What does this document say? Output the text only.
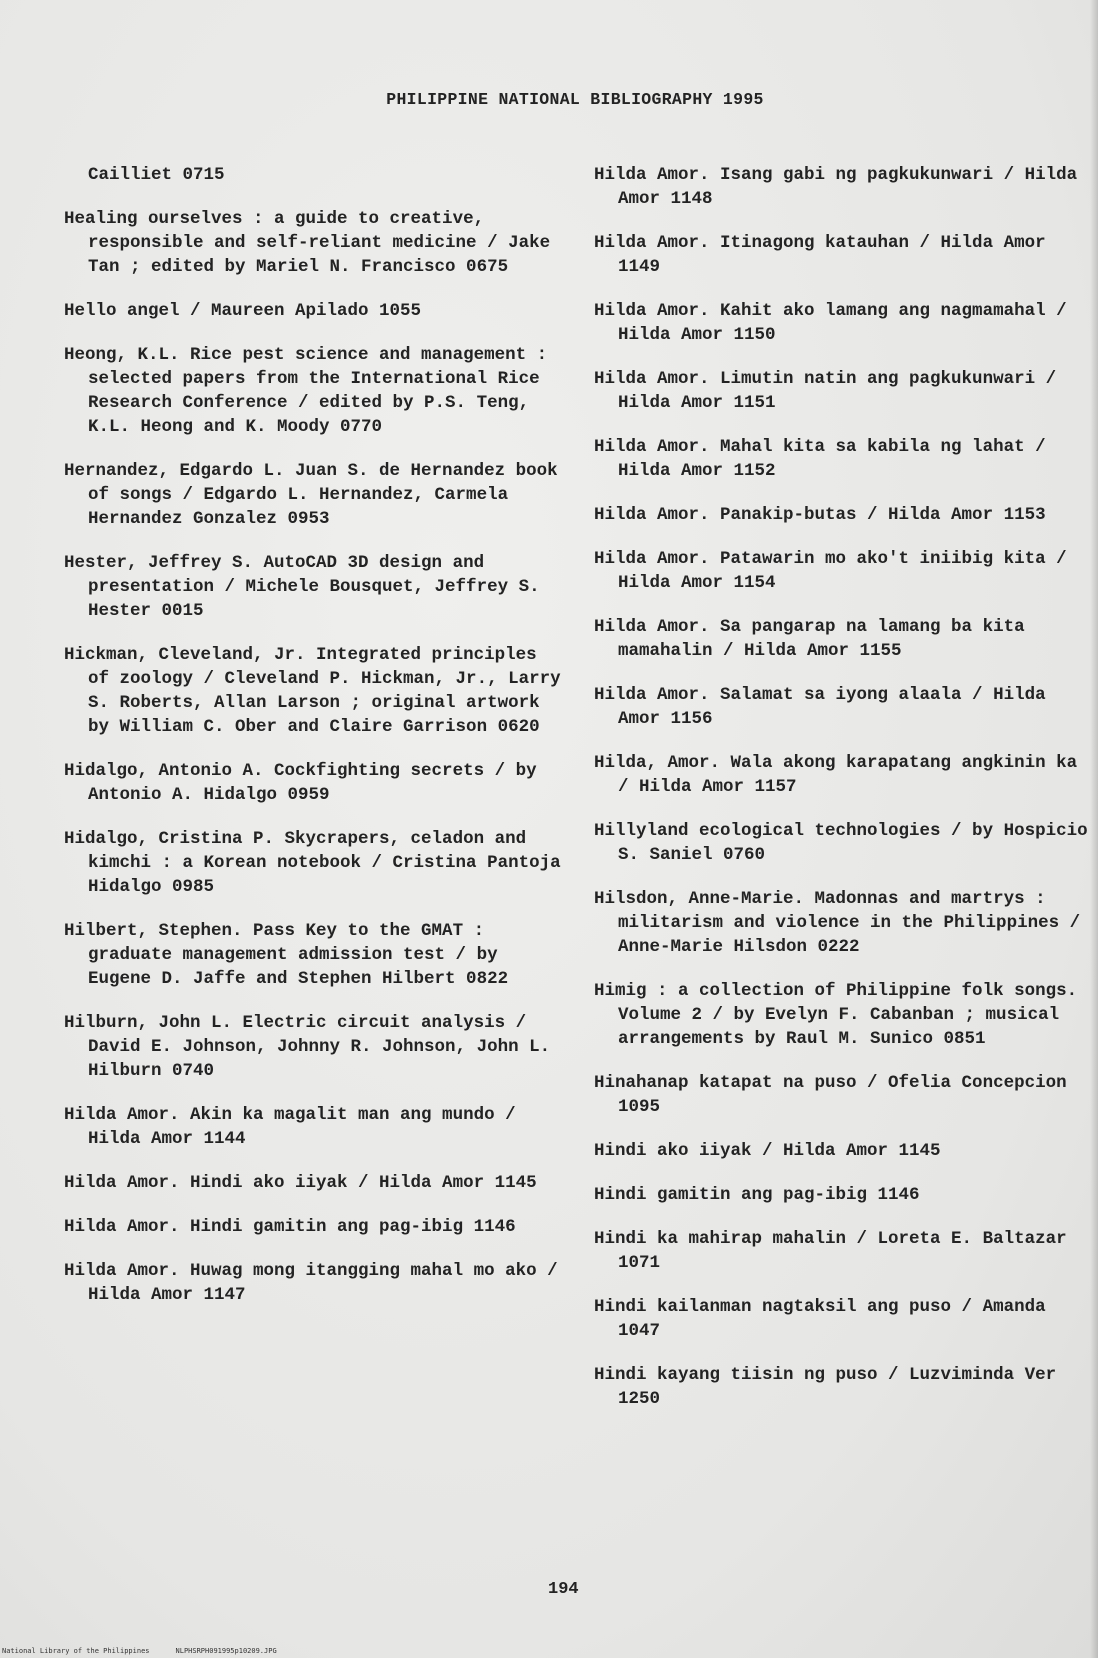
PHILIPPINE NATIONAL BIBLIOGRAPHY 1995

Cailliet 0715

Healing ourselves : a guide to creative, responsible and self-reliant medicine / Jake Tan ; edited by Mariel N. Francisco 0675

Hello angel / Maureen Apilado 1055

Heong, K.L. Rice pest science and management : selected papers from the International Rice Research Conference / edited by P.S. Teng, K.L. Heong and K. Moody 0770

Hernandez, Edgardo L. Juan S. de Hernandez book of songs / Edgardo L. Hernandez, Carmela Hernandez Gonzalez 0953

Hester, Jeffrey S. AutoCAD 3D design and presentation / Michele Bousquet, Jeffrey S. Hester 0015

Hickman, Cleveland, Jr. Integrated principles of zoology / Cleveland P. Hickman, Jr., Larry S. Roberts, Allan Larson ; original artwork by William C. Ober and Claire Garrison 0620

Hidalgo, Antonio A. Cockfighting secrets / by Antonio A. Hidalgo 0959

Hidalgo, Cristina P. Skycrapers, celadon and kimchi : a Korean notebook / Cristina Pantoja Hidalgo 0985

Hilbert, Stephen. Pass Key to the GMAT : graduate management admission test / by Eugene D. Jaffe and Stephen Hilbert 0822

Hilburn, John L. Electric circuit analysis / David E. Johnson, Johnny R. Johnson, John L. Hilburn 0740

Hilda Amor. Akin ka magalit man ang mundo / Hilda Amor 1144

Hilda Amor. Hindi ako iiyak / Hilda Amor 1145

Hilda Amor. Hindi gamitin ang pag-ibig 1146

Hilda Amor. Huwag mong itangging mahal mo ako / Hilda Amor 1147

Hilda Amor. Isang gabi ng pagkukunwari / Hilda Amor 1148

Hilda Amor. Itinagong katauhan / Hilda Amor 1149

Hilda Amor. Kahit ako lamang ang nagmamahal / Hilda Amor 1150

Hilda Amor. Limutin natin ang pagkukunwari / Hilda Amor 1151

Hilda Amor. Mahal kita sa kabila ng lahat / Hilda Amor 1152

Hilda Amor. Panakip-butas / Hilda Amor 1153

Hilda Amor. Patawarin mo ako't iniibig kita / Hilda Amor 1154

Hilda Amor. Sa pangarap na lamang ba kita mamahalin / Hilda Amor 1155

Hilda Amor. Salamat sa iyong alaala / Hilda Amor 1156

Hilda, Amor. Wala akong karapatang angkinin ka / Hilda Amor 1157

Hillyland ecological technologies / by Hospicio S. Saniel 0760

Hilsdon, Anne-Marie. Madonnas and martrys : militarism and violence in the Philippines / Anne-Marie Hilsdon 0222

Himig : a collection of Philippine folk songs. Volume 2 / by Evelyn F. Cabanban ; musical arrangements by Raul M. Sunico 0851

Hinahanap katapat na puso / Ofelia Concepcion 1095

Hindi ako iiyak / Hilda Amor 1145

Hindi gamitin ang pag-ibig 1146

Hindi ka mahirap mahalin / Loreta E. Baltazar 1071

Hindi kailanman nagtaksil ang puso / Amanda 1047

Hindi kayang tiisin ng puso / Luzviminda Ver 1250

194
National Library of the Philippines	NLPHSRPH091995p10209.JPG
